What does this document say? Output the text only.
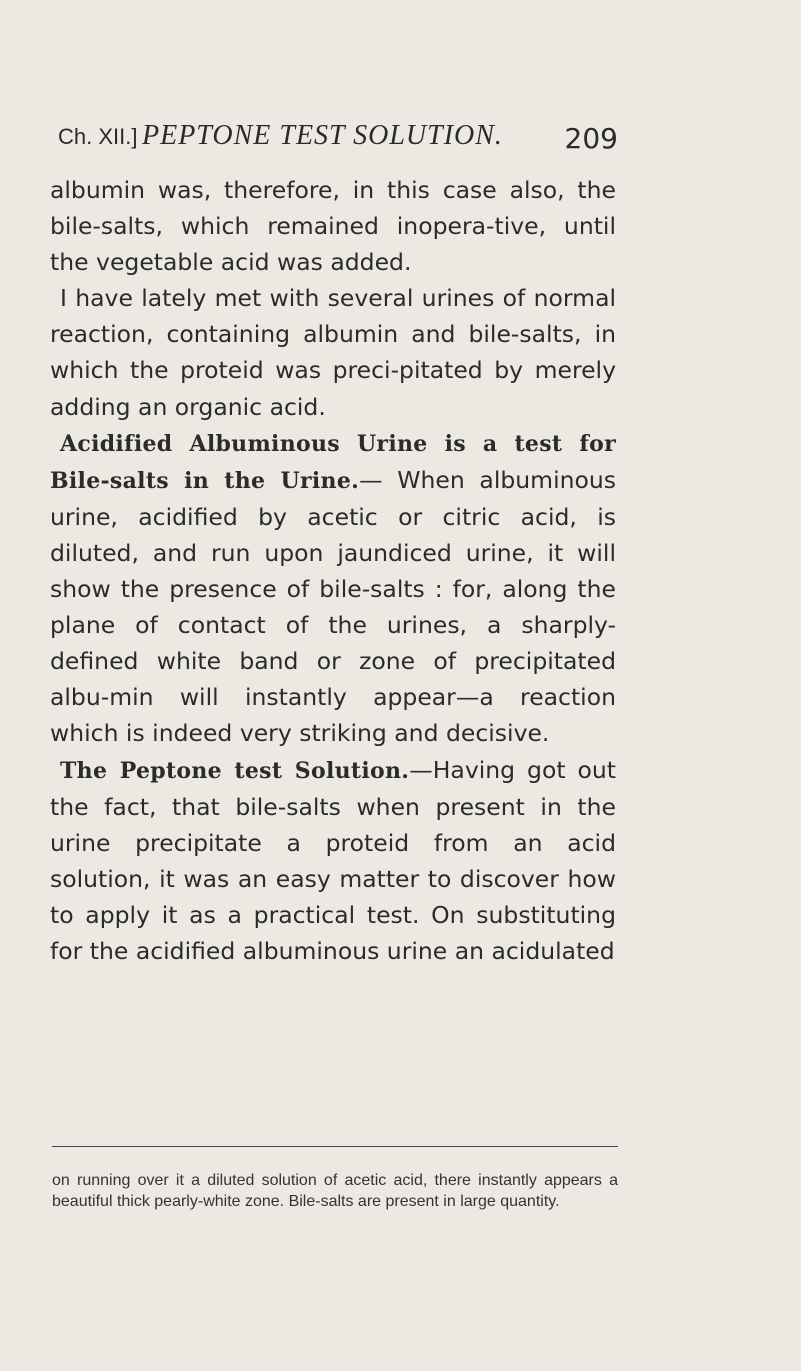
Ch. XII.] PEPTONE TEST SOLUTION. 209

albumin was, therefore, in this case also, the bile-salts, which remained inopera-tive, until the vegetable acid was added.

I have lately met with several urines of normal reaction, containing albumin and bile-salts, in which the proteid was preci-pitated by merely adding an organic acid.

Acidified Albuminous Urine is a test for Bile-salts in the Urine.— When albuminous urine, acidified by acetic or citric acid, is diluted, and run upon jaundiced urine, it will show the presence of bile-salts : for, along the plane of contact of the urines, a sharply-defined white band or zone of precipitated albu-min will instantly appear—a reaction which is indeed very striking and decisive.

The Peptone test Solution.—Having got out the fact, that bile-salts when present in the urine precipitate a proteid from an acid solution, it was an easy matter to discover how to apply it as a practical test. On substituting for the acidified albuminous urine an acidulated

on running over it a diluted solution of acetic acid, there instantly appears a beautiful thick pearly-white zone. Bile-salts are present in large quantity.
